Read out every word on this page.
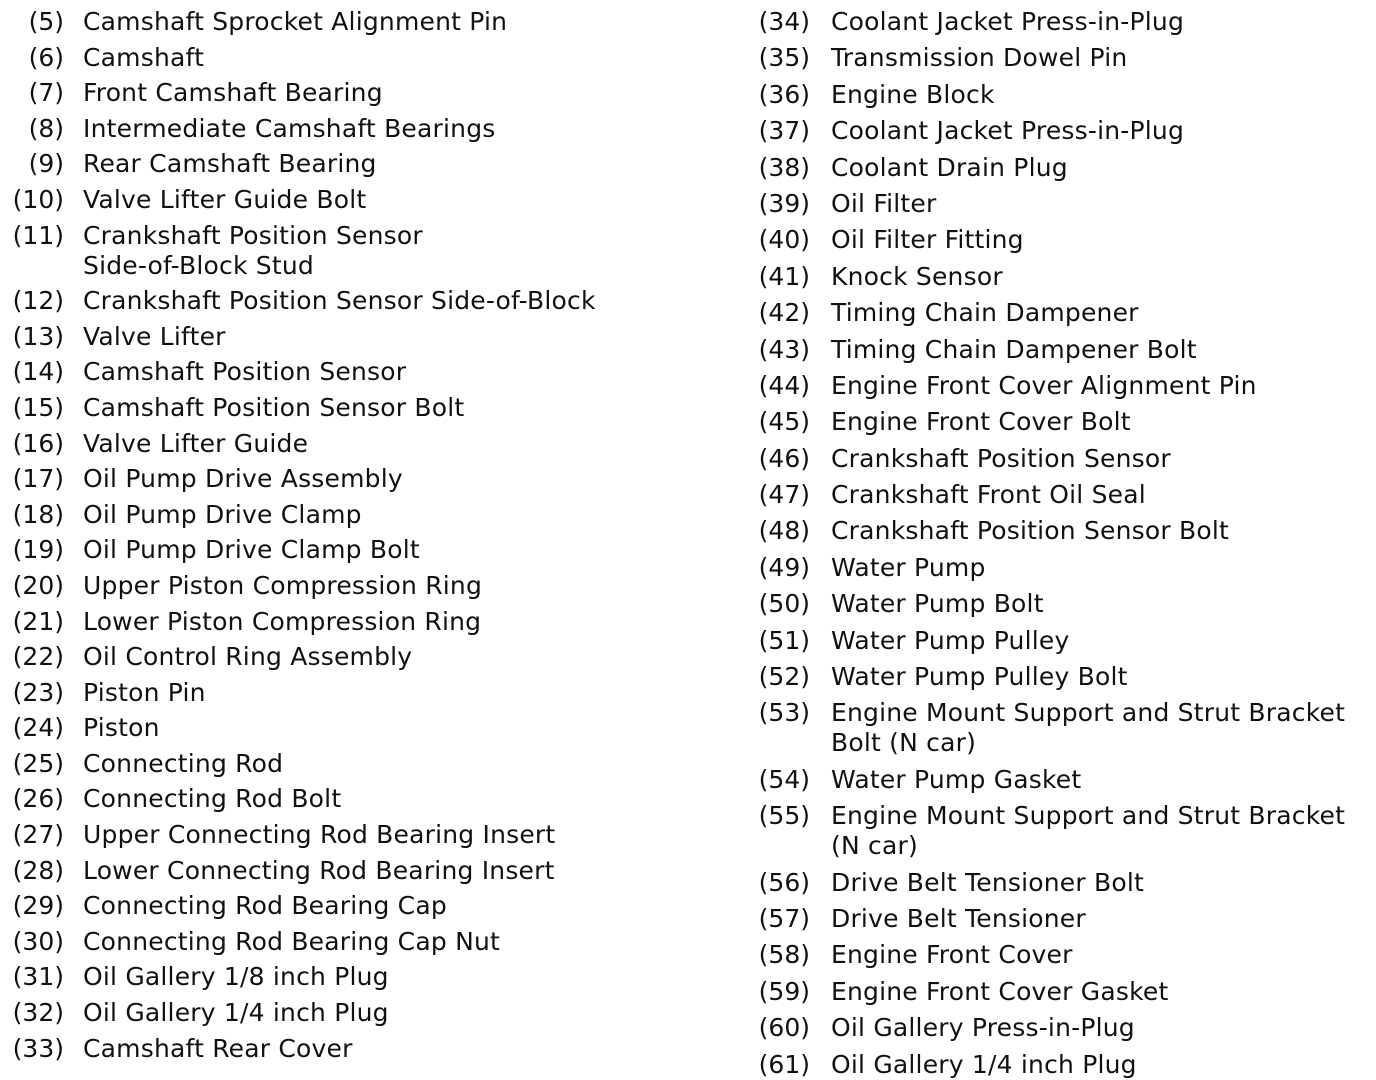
(5) Camshaft Sprocket Alignment Pin
(6) Camshaft
(7) Front Camshaft Bearing
(8) Intermediate Camshaft Bearings
(9) Rear Camshaft Bearing
(10) Valve Lifter Guide Bolt
(11) Crankshaft Position Sensor
Side-of-Block Stud
(12) Crankshaft Position Sensor Side-of-Block
(13) Valve Lifter
(14) Camshaft Position Sensor
(15) Camshaft Position Sensor Bolt
(16) Valve Lifter Guide
(17) Oil Pump Drive Assembly
(18) Oil Pump Drive Clamp
(19) Oil Pump Drive Clamp Bolt
(20) Upper Piston Compression Ring
(21) Lower Piston Compression Ring
(22) Oil Control Ring Assembly
(23) Piston Pin
(24) Piston
(25) Connecting Rod
(26) Connecting Rod Bolt
(27) Upper Connecting Rod Bearing Insert
(28) Lower Connecting Rod Bearing Insert
(29) Connecting Rod Bearing Cap
(30) Connecting Rod Bearing Cap Nut
(31) Oil Gallery 1/8 inch Plug
(32) Oil Gallery 1/4 inch Plug
(33) Camshaft Rear Cover
(34) Coolant Jacket Press-in-Plug
(35) Transmission Dowel Pin
(36) Engine Block
(37) Coolant Jacket Press-in-Plug
(38) Coolant Drain Plug
(39) Oil Filter
(40) Oil Filter Fitting
(41) Knock Sensor
(42) Timing Chain Dampener
(43) Timing Chain Dampener Bolt
(44) Engine Front Cover Alignment Pin
(45) Engine Front Cover Bolt
(46) Crankshaft Position Sensor
(47) Crankshaft Front Oil Seal
(48) Crankshaft Position Sensor Bolt
(49) Water Pump
(50) Water Pump Bolt
(51) Water Pump Pulley
(52) Water Pump Pulley Bolt
(53) Engine Mount Support and Strut Bracket
Bolt (N car)
(54) Water Pump Gasket
(55) Engine Mount Support and Strut Bracket
(N car)
(56) Drive Belt Tensioner Bolt
(57) Drive Belt Tensioner
(58) Engine Front Cover
(59) Engine Front Cover Gasket
(60) Oil Gallery Press-in-Plug
(61) Oil Gallery 1/4 inch Plug
